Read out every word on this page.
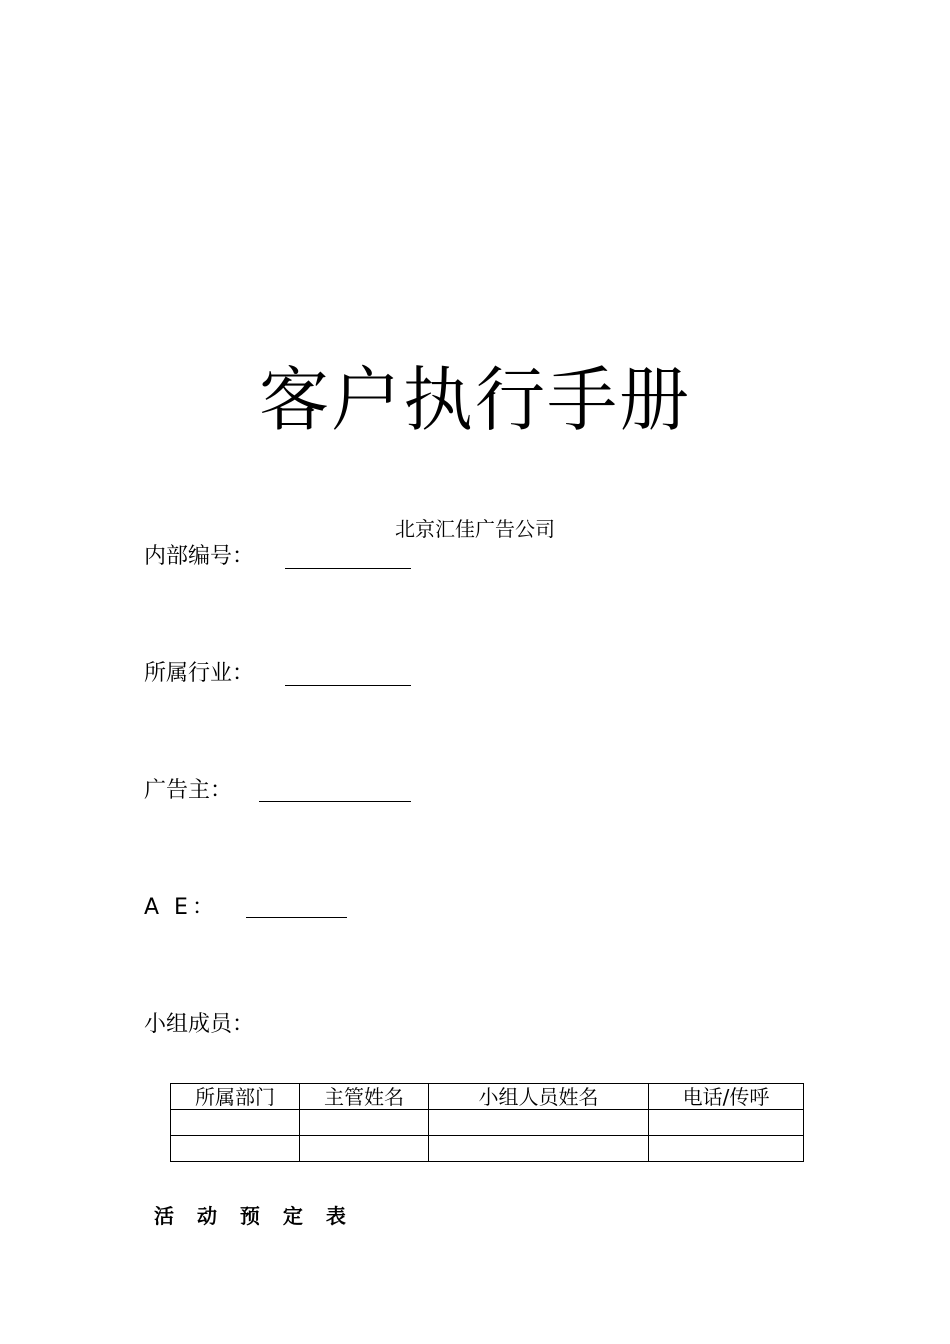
客户执行手册
北京汇佳广告公司
内部编号：
所属行业：
广告主：
A E：
小组成员：
所属部门	主管姓名	小组人员姓名	电话/传呼

活 动 预 定 表
